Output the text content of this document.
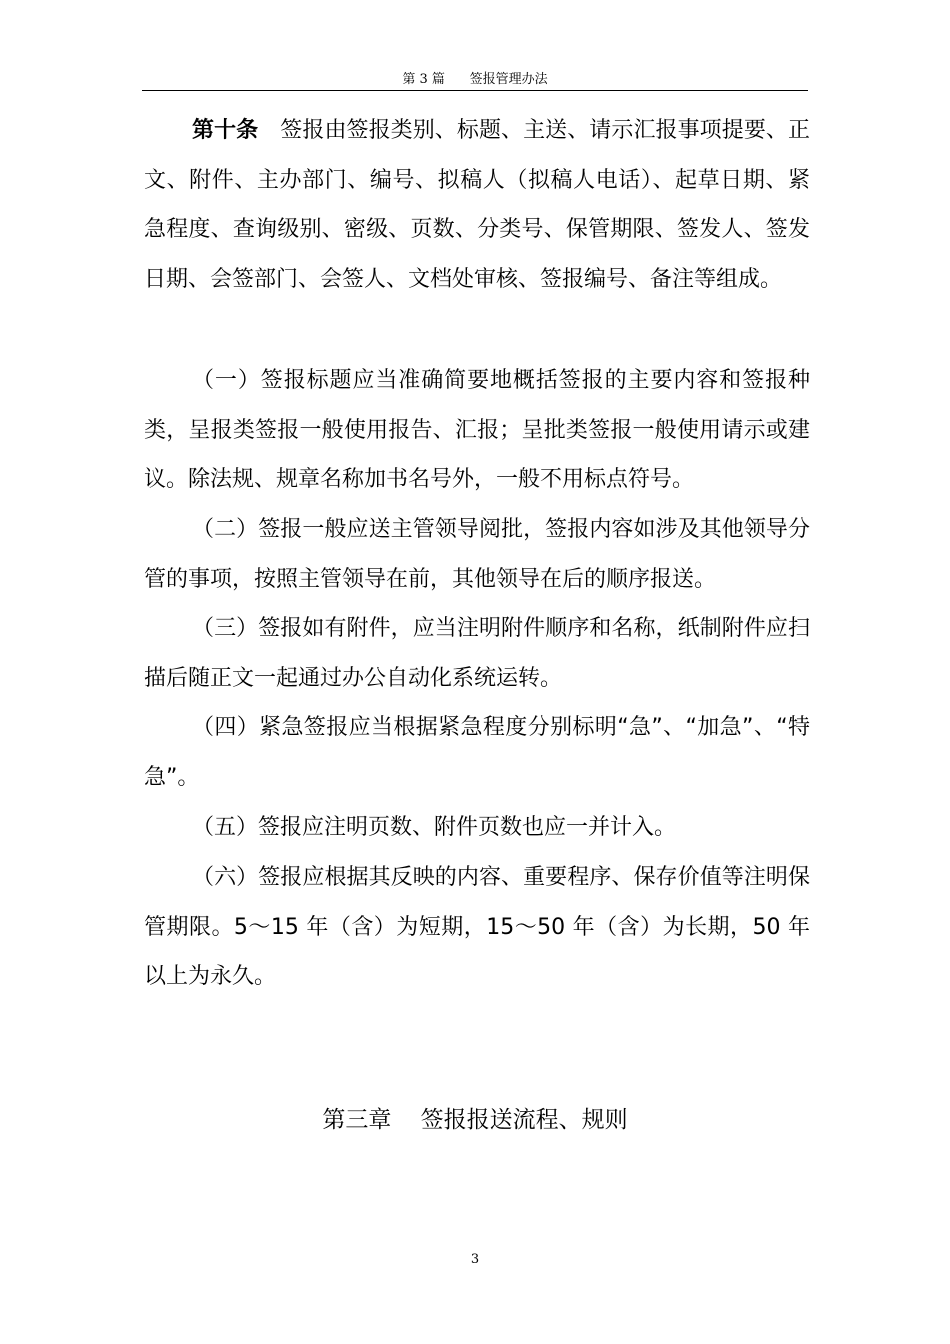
第 3 篇      签报管理办法

第十条　 签报由签报类别、标题、主送、请示汇报事项提要、正文、附件、主办部门、编号、拟稿人（拟稿人电话）、起草日期、紧急程度、查询级别、密级、页数、分类号、保管期限、签发人、签发日期、会签部门、会签人、文档处审核、签报编号、备注等组成。

（一）签报标题应当准确简要地概括签报的主要内容和签报种类，呈报类签报一般使用报告、汇报；呈批类签报一般使用请示或建议。除法规、规章名称加书名号外，一般不用标点符号。

（二）签报一般应送主管领导阅批，签报内容如涉及其他领导分管的事项，按照主管领导在前，其他领导在后的顺序报送。

（三）签报如有附件，应当注明附件顺序和名称，纸制附件应扫描后随正文一起通过办公自动化系统运转。

（四）紧急签报应当根据紧急程度分别标明“急”、“加急”、“特急”。

（五）签报应注明页数、附件页数也应一并计入。

（六）签报应根据其反映的内容、重要程序、保存价值等注明保管期限。5～15 年（含）为短期，15～50 年（含）为长期，50 年以上为永久。

第三章    签报报送流程、规则
3
